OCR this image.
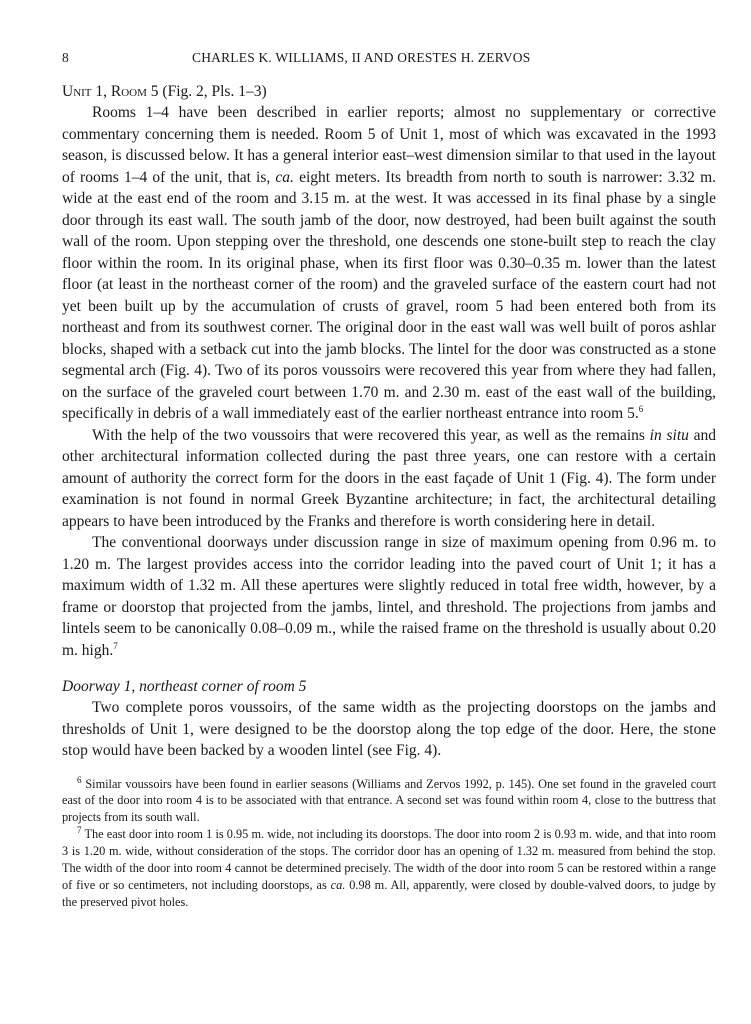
8	CHARLES K. WILLIAMS, II AND ORESTES H. ZERVOS
Unit 1, Room 5 (Fig. 2, Pls. 1–3)

Rooms 1–4 have been described in earlier reports; almost no supplementary or corrective commentary concerning them is needed. Room 5 of Unit 1, most of which was excavated in the 1993 season, is discussed below. It has a general interior east–west dimension similar to that used in the layout of rooms 1–4 of the unit, that is, ca. eight meters. Its breadth from north to south is narrower: 3.32 m. wide at the east end of the room and 3.15 m. at the west. It was accessed in its final phase by a single door through its east wall. The south jamb of the door, now destroyed, had been built against the south wall of the room. Upon stepping over the threshold, one descends one stone-built step to reach the clay floor within the room. In its original phase, when its first floor was 0.30–0.35 m. lower than the latest floor (at least in the northeast corner of the room) and the graveled surface of the eastern court had not yet been built up by the accumulation of crusts of gravel, room 5 had been entered both from its northeast and from its southwest corner. The original door in the east wall was well built of poros ashlar blocks, shaped with a setback cut into the jamb blocks. The lintel for the door was constructed as a stone segmental arch (Fig. 4). Two of its poros voussoirs were recovered this year from where they had fallen, on the surface of the graveled court between 1.70 m. and 2.30 m. east of the east wall of the building, specifically in debris of a wall immediately east of the earlier northeast entrance into room 5.$^6$

With the help of the two voussoirs that were recovered this year, as well as the remains in situ and other architectural information collected during the past three years, one can restore with a certain amount of authority the correct form for the doors in the east façade of Unit 1 (Fig. 4). The form under examination is not found in normal Greek Byzantine architecture; in fact, the architectural detailing appears to have been introduced by the Franks and therefore is worth considering here in detail.

The conventional doorways under discussion range in size of maximum opening from 0.96 m. to 1.20 m. The largest provides access into the corridor leading into the paved court of Unit 1; it has a maximum width of 1.32 m. All these apertures were slightly reduced in total free width, however, by a frame or doorstop that projected from the jambs, lintel, and threshold. The projections from jambs and lintels seem to be canonically 0.08–0.09 m., while the raised frame on the threshold is usually about 0.20 m. high.$^7$

Doorway 1, northeast corner of room 5

Two complete poros voussoirs, of the same width as the projecting doorstops on the jambs and thresholds of Unit 1, were designed to be the doorstop along the top edge of the door. Here, the stone stop would have been backed by a wooden lintel (see Fig. 4).

$^6$ Similar voussoirs have been found in earlier seasons (Williams and Zervos 1992, p. 145). One set found in the graveled court east of the door into room 4 is to be associated with that entrance. A second set was found within room 4, close to the buttress that projects from its south wall.

$^7$ The east door into room 1 is 0.95 m. wide, not including its doorstops. The door into room 2 is 0.93 m. wide, and that into room 3 is 1.20 m. wide, without consideration of the stops. The corridor door has an opening of 1.32 m. measured from behind the stop. The width of the door into room 4 cannot be determined precisely. The width of the door into room 5 can be restored within a range of five or so centimeters, not including doorstops, as ca. 0.98 m. All, apparently, were closed by double-valved doors, to judge by the preserved pivot holes.
